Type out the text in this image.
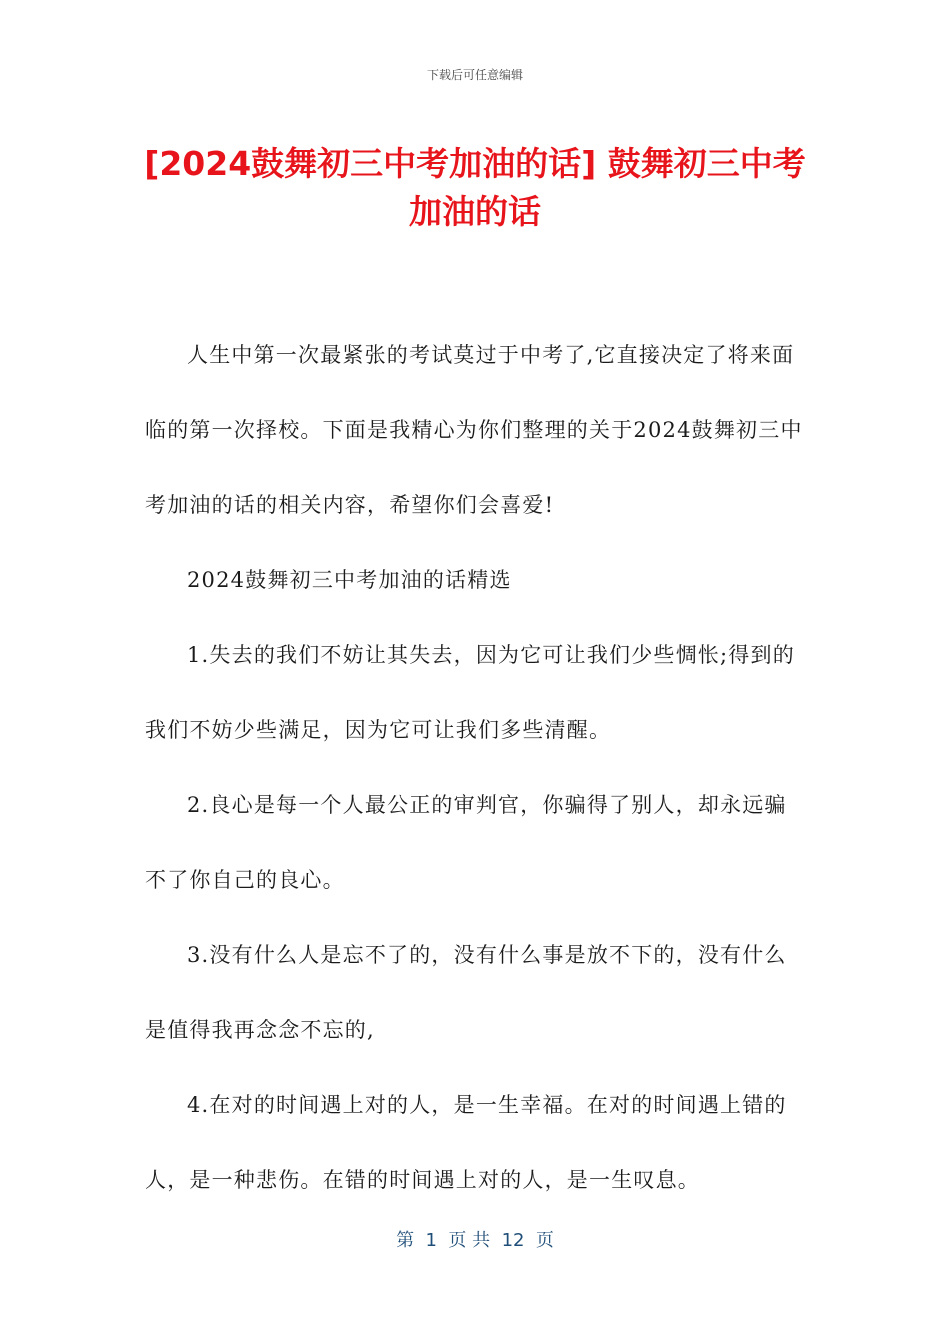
下载后可任意编辑
[2024鼓舞初三中考加油的话] 鼓舞初三中考加油的话

人生中第一次最紧张的考试莫过于中考了,它直接决定了将来面临的第一次择校。下面是我精心为你们整理的关于2024鼓舞初三中考加油的话的相关内容，希望你们会喜爱!

2024鼓舞初三中考加油的话精选

1.失去的我们不妨让其失去，因为它可让我们少些惆怅;得到的我们不妨少些满足，因为它可让我们多些清醒。

2.良心是每一个人最公正的审判官，你骗得了别人，却永远骗不了你自己的良心。

3.没有什么人是忘不了的，没有什么事是放不下的，没有什么是值得我再念念不忘的,

4.在对的时间遇上对的人，是一生幸福。在对的时间遇上错的人，是一种悲伤。在错的时间遇上对的人，是一生叹息。

第  1  页 共  12  页
